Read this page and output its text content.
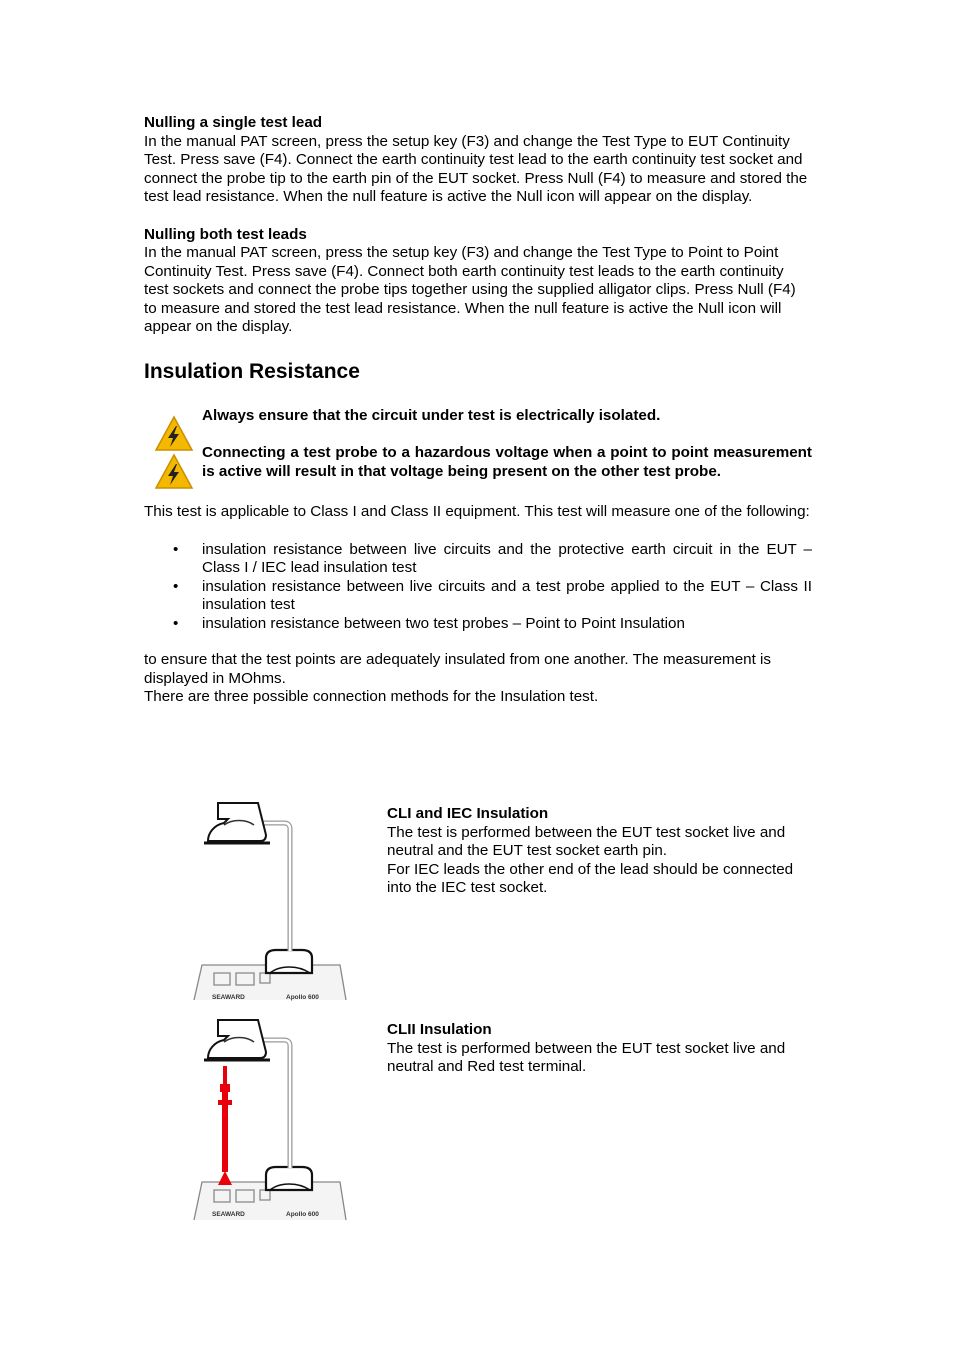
Nulling a single test lead

In the manual PAT screen, press the setup key (F3) and change the Test Type to EUT Continuity Test. Press save (F4). Connect the earth continuity test lead to the earth continuity test socket and connect the probe tip to the earth pin of the EUT socket. Press Null (F4) to measure and stored the test lead resistance. When the null feature is active the Null icon will appear on the display.

Nulling both test leads

In the manual PAT screen, press the setup key (F3) and change the Test Type to Point to Point Continuity Test. Press save (F4). Connect both earth continuity test leads to the earth continuity test sockets and connect the probe tips together using the supplied alligator clips. Press Null (F4) to measure and stored the test lead resistance. When the null feature is active the Null icon will appear on the display.

Insulation Resistance

Always ensure that the circuit under test is electrically isolated.

Connecting a test probe to a hazardous voltage when a point to point measurement is active will result in that voltage being present on the other test probe.

This test is applicable to Class I and Class II equipment. This test will measure one of the following:

• insulation resistance between live circuits and the protective earth circuit in the EUT – Class I / IEC lead insulation test
• insulation resistance between live circuits and a test probe applied to the EUT – Class II insulation test
• insulation resistance between two test probes – Point to Point Insulation

to ensure that the test points are adequately insulated from one another. The measurement is displayed in MOhms.

There are three possible connection methods for the Insulation test.

SEAWARD	Apollo 600
SEAWARD	Apollo 600

CLI and IEC Insulation

The test is performed between the EUT test socket live and neutral and the EUT test socket earth pin.

For IEC leads the other end of the lead should be connected into the IEC test socket.

CLII Insulation

The test is performed between the EUT test socket live and neutral and Red test terminal.
